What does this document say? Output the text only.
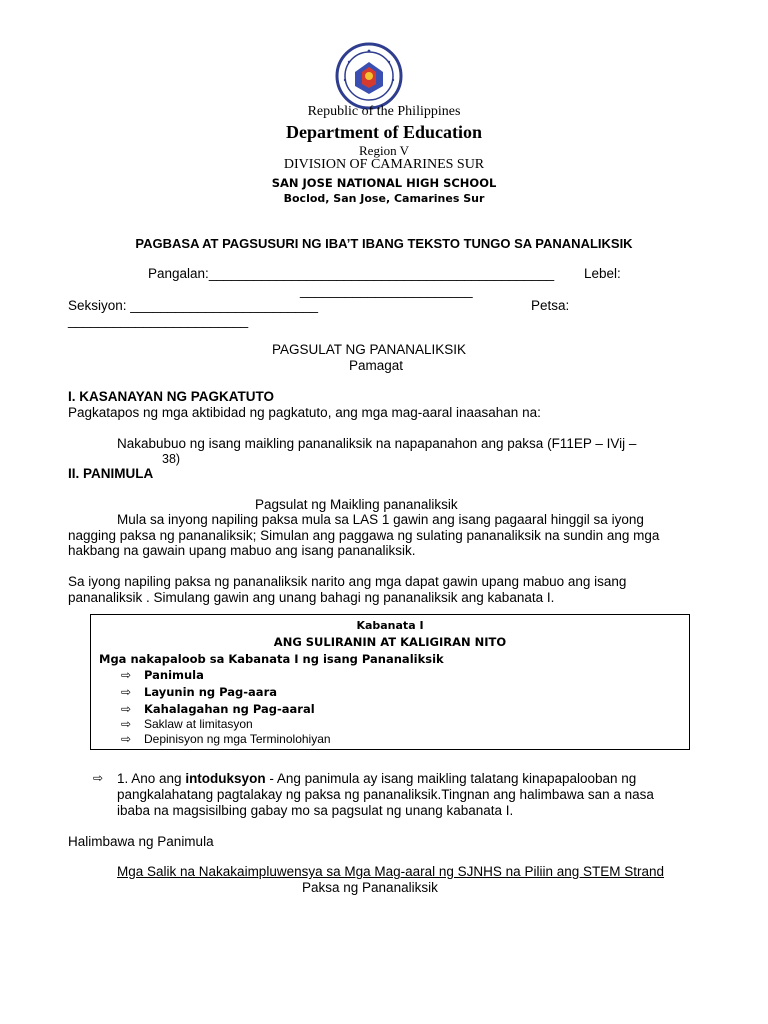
Republic of the Philippines
Department of Education
Region V
DIVISION OF CAMARINES SUR
SAN JOSE NATIONAL HIGH SCHOOL
Boclod, San Jose, Camarines Sur
PAGBASA AT PAGSUSURI NG IBA’T IBANG TEKSTO TUNGO SA PANANALIKSIK
Pangalan:______________________________________________ Lebel:
_______________________
Seksiyon: _________________________	Petsa:
________________________
PAGSULAT NG PANANALIKSIK
Pamagat
I. KASANAYAN NG PAGKATUTO
Pagkatapos ng mga aktibidad ng pagkatuto, ang mga mag-aaral inaasahan na:
Nakabubuo ng isang maikling pananaliksik na napapanahon ang paksa (F11EP – IVij –
38)
II. PANIMULA
Pagsulat ng Maikling pananaliksik
Mula sa inyong napiling paksa mula sa LAS 1 gawin ang isang pagaaral hinggil sa iyong
nagging paksa ng pananaliksik; Simulan ang paggawa ng sulating pananaliksik na sundin ang mga
hakbang na gawain upang mabuo ang isang pananaliksik.
Sa iyong napiling paksa ng pananaliksik narito ang mga dapat gawin upang mabuo ang isang
pananaliksik . Simulang gawin ang unang bahagi ng pananaliksik ang kabanata I.
Kabanata I
ANG SULIRANIN AT KALIGIRAN NITO
Mga nakapaloob sa Kabanata I ng isang Pananaliksik
⇨ Panimula
⇨ Layunin ng Pag-aara
⇨ Kahalagahan ng Pag-aaral
⇨ Saklaw at limitasyon
⇨ Depinisyon ng mga Terminolohiyan
⇨ 1. Ano ang intoduksyon - Ang panimula ay isang maikling talatang kinapapalooban ng
pangkalahatang pagtalakay ng paksa ng pananaliksik.Tingnan ang halimbawa san a nasa
ibaba na magsisilbing gabay mo sa pagsulat ng unang kabanata I.
Halimbawa ng Panimula
Mga Salik na Nakakaimpluwensya sa Mga Mag-aaral ng SJNHS na Piliin ang STEM Strand
Paksa ng Pananaliksik
